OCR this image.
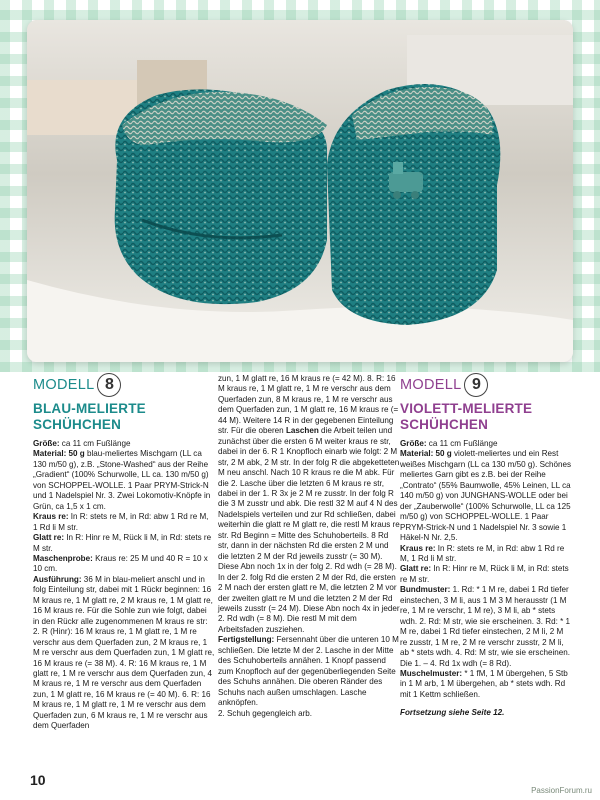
MODELL 8
BLAU-MELIERTE
SCHÜHCHEN

Größe: ca 11 cm Fußlänge

Material: 50 g blau-meliertes Mischgarn (LL ca 130 m/50 g), z.B. „Stone-Washed“ aus der Reihe „Gradient“ (100% Schurwolle, LL ca. 130 m/50 g) von SCHOPPEL-WOLLE. 1 Paar PRYM-Strick-N und 1 Nadelspiel Nr. 3. Zwei Lokomotiv-Knöpfe in Grün, ca 1,5 x 1 cm.

Kraus re: In R: stets re M, in Rd: abw 1 Rd re M, 1 Rd li M str.

Glatt re: In R: Hinr re M, Rück li M, in Rd: stets re M str.

Maschenprobe: Kraus re: 25 M und 40 R = 10 x 10 cm.

Ausführung: 36 M in blau-meliert anschl und in folg Einteilung str, dabei mit 1 Rückr beginnen: 16 M kraus re, 1 M glatt re, 2 M kraus re, 1 M glatt re, 16 M kraus re. Für die Sohle zun wie folgt, dabei in den Rückr alle zugenommenen M kraus re str: 2. R (Hinr): 16 M kraus re, 1 M glatt re, 1 M re verschr aus dem Querfaden zun, 2 M kraus re, 1 M re verschr aus dem Querfaden zun, 1 M glatt re, 16 M kraus re (= 38 M). 4. R: 16 M kraus re, 1 M glatt re, 1 M re verschr aus dem Querfaden zun, 4 M kraus re, 1 M re verschr aus dem Querfaden zun, 1 M glatt re, 16 M kraus re (= 40 M). 6. R: 16 M kraus re, 1 M glatt re, 1 M re verschr aus dem Querfaden zun, 6 M kraus re, 1 M re verschr aus dem Querfaden

zun, 1 M glatt re, 16 M kraus re (= 42 M). 8. R: 16 M kraus re, 1 M glatt re, 1 M re verschr aus dem Querfaden zun, 8 M kraus re, 1 M re verschr aus dem Querfaden zun, 1 M glatt re, 16 M kraus re (= 44 M). Weitere 14 R in der gegebenen Einteilung str. Für die oberen Laschen die Arbeit teilen und zunächst über die ersten 6 M weiter kraus re str, dabei in der 6. R 1 Knopfloch einarb wie folgt: 2 M str, 2 M abk, 2 M str. In der folg R die abgeketteten M neu anschl. Nach 10 R kraus re die M abk. Für die 2. Lasche über die letzten 6 M kraus re str, dabei in der 1. R 3x je 2 M re zusstr. In der folg R die 3 M zusstr und abk. Die restl 32 M auf 4 N des Nadelspiels verteilen und zur Rd schließen, dabei weiterhin die glatt re M glatt re, die restl M kraus re str. Rd Beginn = Mitte des Schuhoberteils. 8 Rd str, dann in der nächsten Rd die ersten 2 M und die letzten 2 M der Rd jeweils zusstr (= 30 M). Diese Abn noch 1x in der folg 2. Rd wdh (= 28 M). In der 2. folg Rd die ersten 2 M der Rd, die ersten 2 M nach der ersten glatt re M, die letzten 2 M vor der zweiten glatt re M und die letzten 2 M der Rd jeweils zusstr (= 24 M). Diese Abn noch 4x in jeder 2. Rd wdh (= 8 M). Die restl M mit dem Arbeitsfaden zusziehen.

Fertigstellung: Fersennaht über die unteren 10 M schließen. Die letzte M der 2. Lasche in der Mitte des Schuhoberteils annähen. 1 Knopf passend zum Knopfloch auf der gegenüberliegenden Seite des Schuhs annähen. Die oberen Ränder des Schuhs nach außen umschlagen. Lasche anknöpfen.

2. Schuh gegengleich arb.

MODELL 9
VIOLETT-MELIERTE
SCHÜHCHEN

Größe: ca 11 cm Fußlänge

Material: 50 g violett-meliertes und ein Rest weißes Mischgarn (LL ca 130 m/50 g). Schönes meliertes Garn gibt es z.B. bei der Reihe „Contrato“ (55% Baumwolle, 45% Leinen, LL ca 140 m/50 g) von JUNGHANS-WOLLE oder bei der „Zauberwolle“ (100% Schurwolle, LL ca 125 m/50 g) von SCHOPPEL-WOLLE. 1 Paar PRYM-Strick-N und 1 Nadelspiel Nr. 3 sowie 1 Häkel-N Nr. 2,5.

Kraus re: In R: stets re M, in Rd: abw 1 Rd re M, 1 Rd li M str.

Glatt re: In R: Hinr re M, Rück li M, in Rd: stets re M str.

Bundmuster: 1. Rd: * 1 M re, dabei 1 Rd tiefer einstechen, 3 M li, aus 1 M 3 M herausstr (1 M re, 1 M re verschr, 1 M re), 3 M li, ab * stets wdh. 2. Rd: M str, wie sie erscheinen. 3. Rd: * 1 M re, dabei 1 Rd tiefer einstechen, 2 M li, 2 M re zusstr, 1 M re, 2 M re verschr zusstr, 2 M li, ab * stets wdh. 4. Rd: M str, wie sie erscheinen. Die 1. – 4. Rd 1x wdh (= 8 Rd).

Muschelmuster: * 1 fM, 1 M übergehen, 5 Stb in 1 M arb, 1 M übergehen, ab * stets wdh. Rd mit 1 Kettm schließen.

Fortsetzung siehe Seite 12.

10
PassionForum.ru
